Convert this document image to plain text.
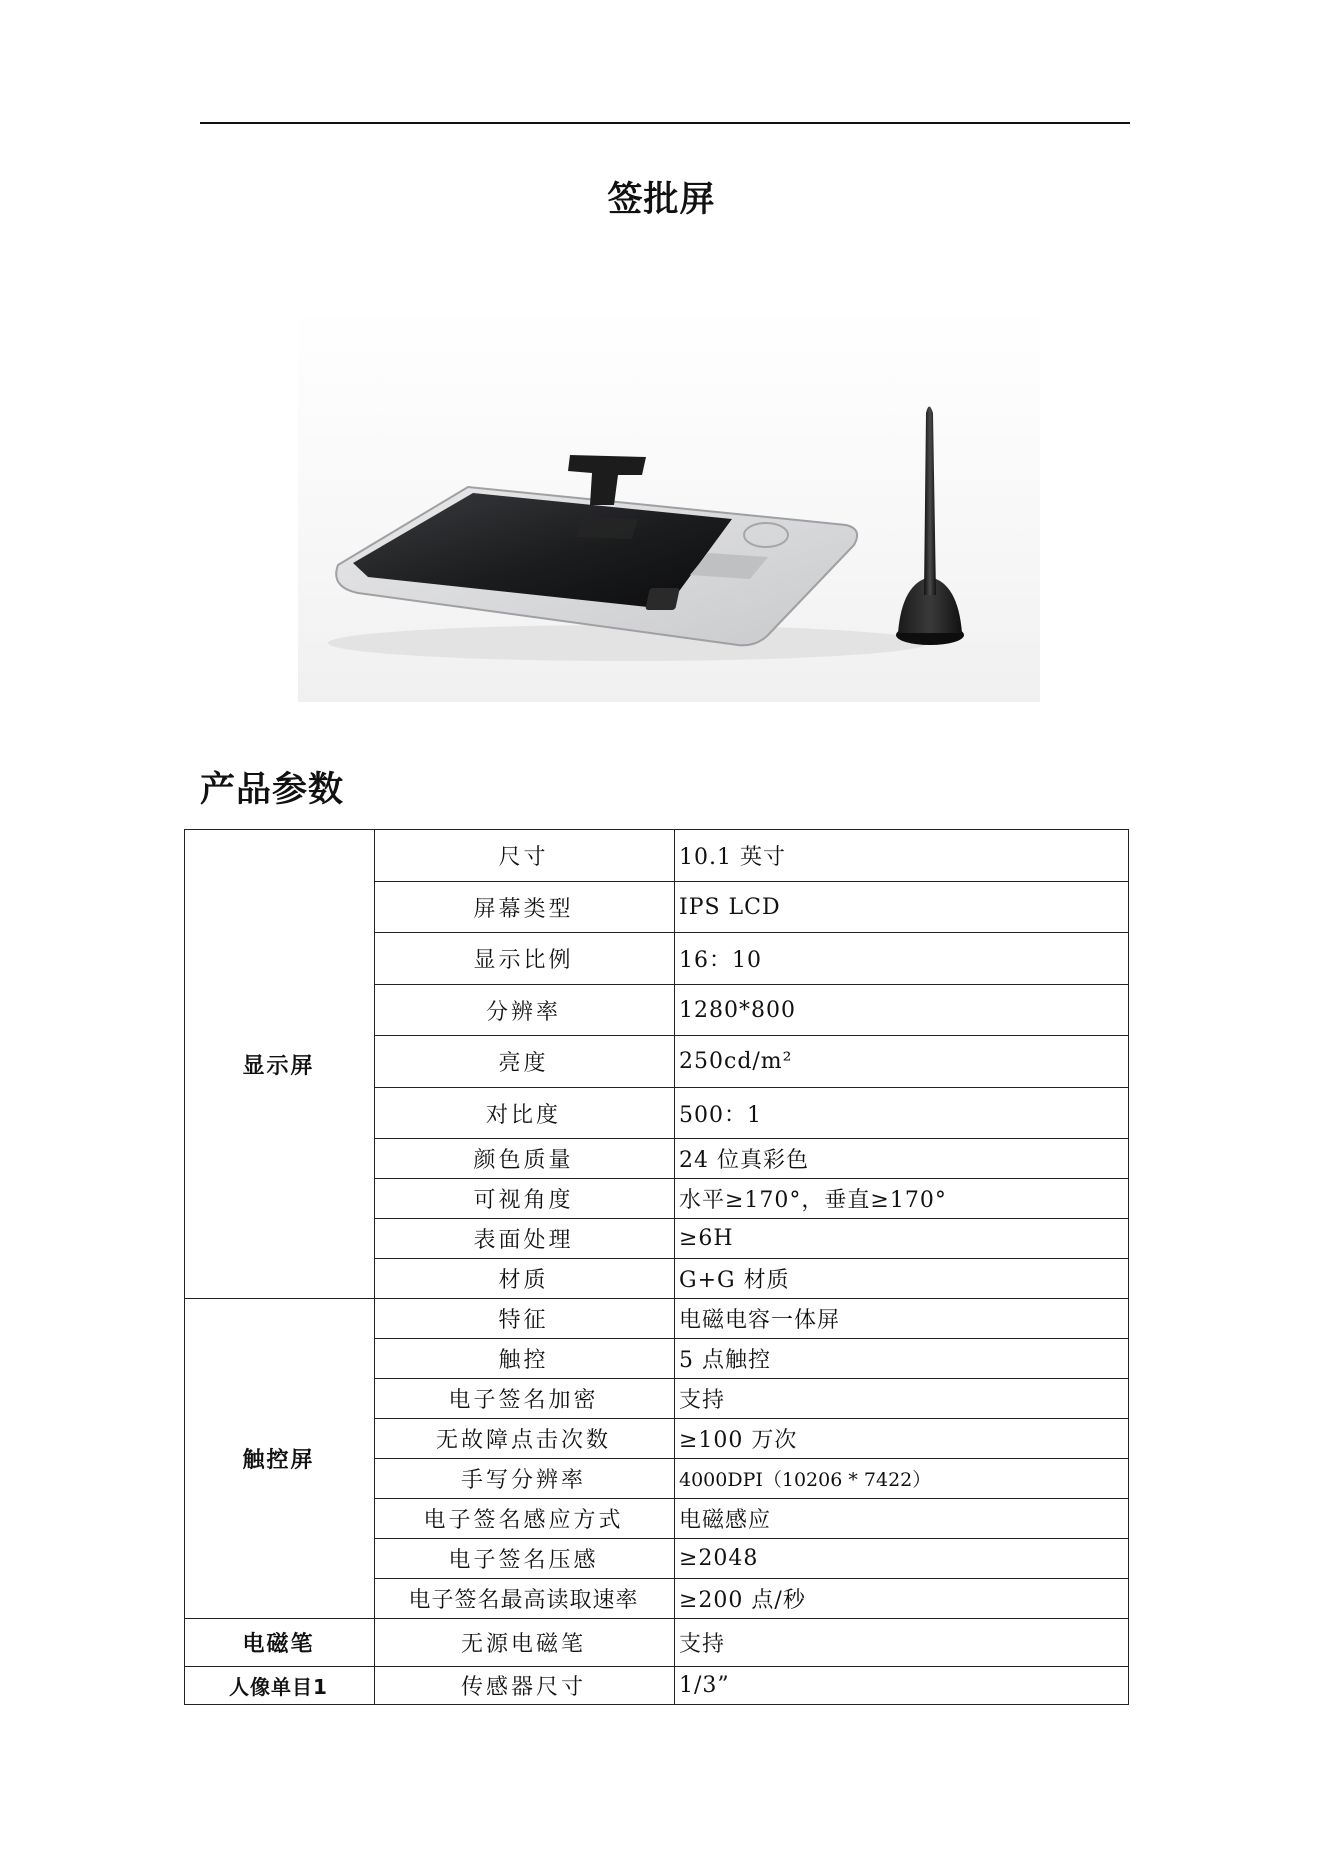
签批屏
产品参数
显示屏	尺寸	10.1 英寸
	屏幕类型	IPS LCD
	显示比例	16：10
	分辨率	1280*800
	亮度	250cd/m²
	对比度	500：1
	颜色质量	24 位真彩色
	可视角度	水平≥170°，垂直≥170°
	表面处理	≥6H
	材质	G+G 材质
触控屏	特征	电磁电容一体屏
	触控	5 点触控
	电子签名加密	支持
	无故障点击次数	≥100 万次
	手写分辨率	4000DPI（10206 * 7422）
	电子签名感应方式	电磁感应
	电子签名压感	≥2048
	电子签名最高读取速率	≥200 点/秒
电磁笔	无源电磁笔	支持
人像单目1	传感器尺寸	1/3”
